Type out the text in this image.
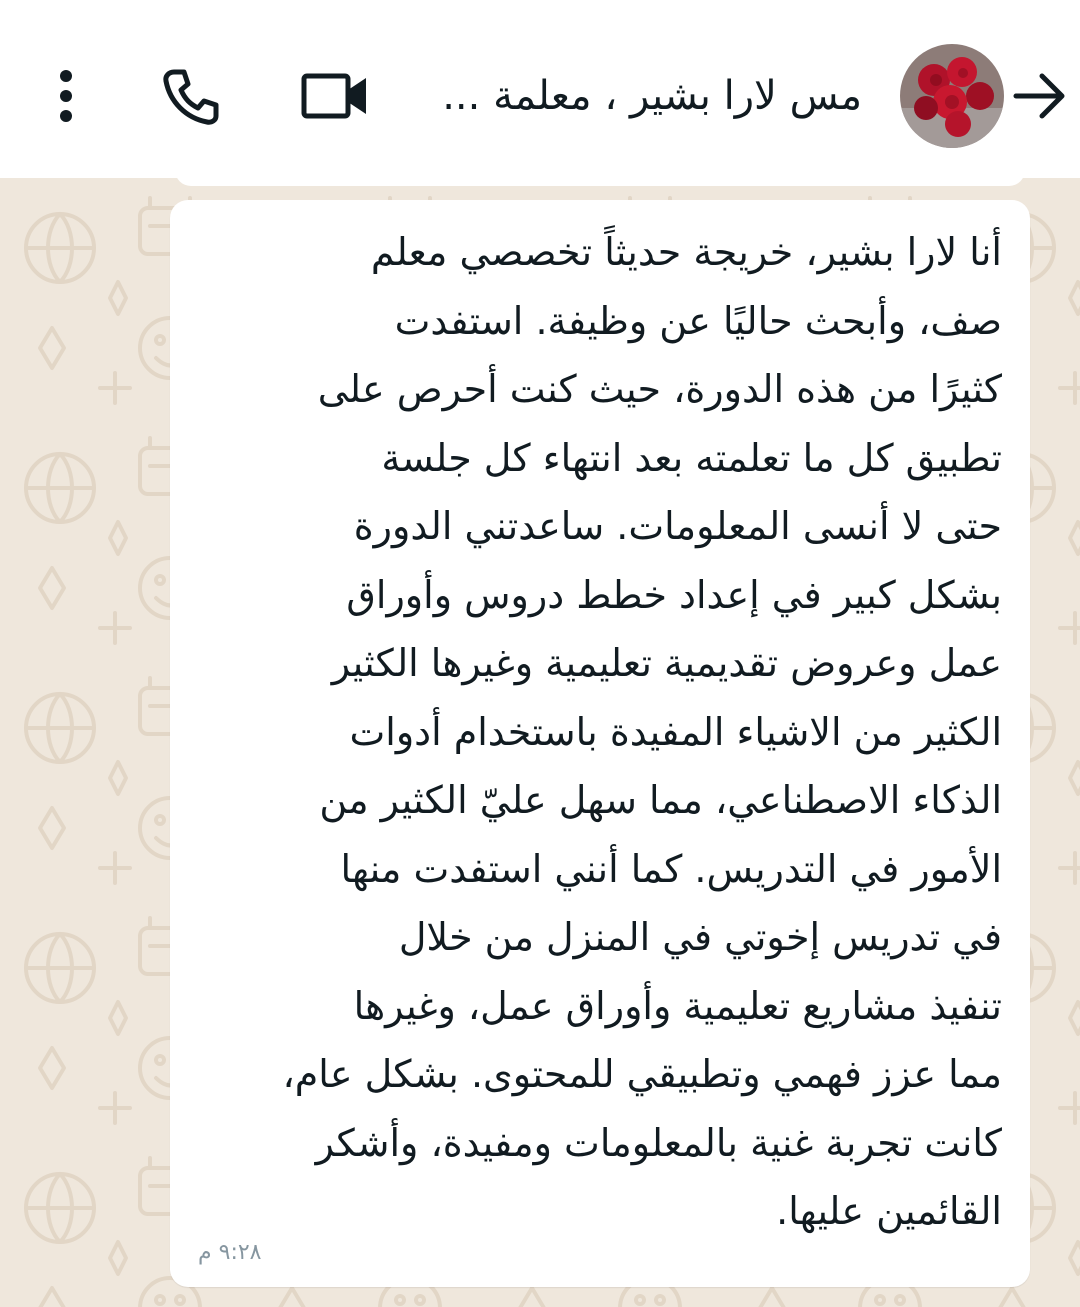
مس لارا بشير ، معلمة ...
أنا لارا بشير، خريجة حديثاً تخصصي معلم
صف، وأبحث حاليًا عن وظيفة. استفدت
كثيرًا من هذه الدورة، حيث كنت أحرص على
تطبيق كل ما تعلمته بعد انتهاء كل جلسة
حتى لا أنسى المعلومات. ساعدتني الدورة
بشكل كبير في إعداد خطط دروس وأوراق
عمل وعروض تقديمية تعليمية وغيرها الكثير
الكثير من الاشياء المفيدة باستخدام أدوات
الذكاء الاصطناعي، مما سهل عليّ الكثير من
الأمور في التدريس. كما أنني استفدت منها
في تدريس إخوتي في المنزل من خلال
تنفيذ مشاريع تعليمية وأوراق عمل، وغيرها
مما عزز فهمي وتطبيقي للمحتوى. بشكل عام،
كانت تجربة غنية بالمعلومات ومفيدة، وأشكر
القائمين عليها.
٩:٢٨ م
